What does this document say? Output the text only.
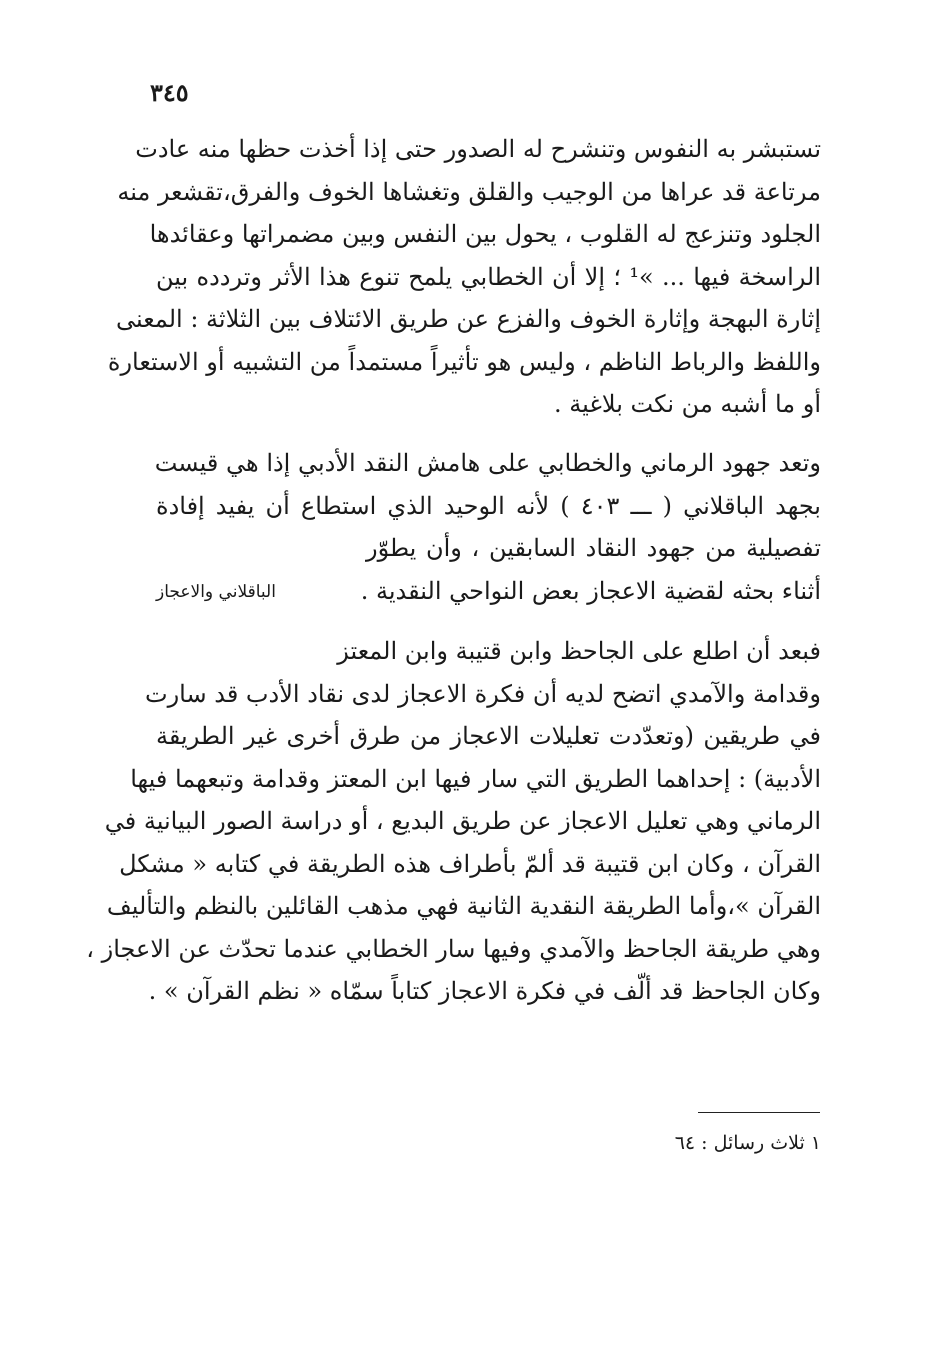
٣٤٥
تستبشر به النفوس وتنشرح له الصدور حتى إذا أخذت حظها منه عادت
مرتاعة قد عراها من الوجيب والقلق وتغشاها الخوف والفرق،تقشعر منه
الجلود وتنزعج له القلوب ، يحول بين النفس وبين مضمراتها وعقائدها
الراسخة فيها ... »¹ ؛ إلا أن الخطابي يلمح تنوع هذا الأثر وتردده بين
إثارة البهجة وإثارة الخوف والفزع عن طريق الائتلاف بين الثلاثة : المعنى
واللفظ والرباط الناظم ، وليس هو تأثيراً مستمداً من التشبيه أو الاستعارة
أو ما أشبه من نكت بلاغية .
وتعد جهود الرماني والخطابي على هامش النقد الأدبي إذا هي قيست
بجهد الباقلاني ( ـــ ٤٠٣ ) لأنه الوحيد الذي استطاع أن يفيد إفادة
تفصيلية من جهود النقاد السابقين ، وأن يطوّر
أثناء بحثه لقضية الاعجاز بعض النواحي النقدية .
الباقلاني والاعجاز
فبعد أن اطلع على الجاحظ وابن قتيبة وابن المعتز
وقدامة والآمدي اتضح لديه أن فكرة الاعجاز لدى نقاد الأدب قد سارت
في طريقين (وتعدّدت تعليلات الاعجاز من طرق أخرى غير الطريقة
الأدبية) : إحداهما الطريق التي سار فيها ابن المعتز وقدامة وتبعهما فيها
الرماني وهي تعليل الاعجاز عن طريق البديع ، أو دراسة الصور البيانية في
القرآن ، وكان ابن قتيبة قد ألمّ بأطراف هذه الطريقة في كتابه « مشكل
القرآن »،وأما الطريقة النقدية الثانية فهي مذهب القائلين بالنظم والتأليف
وهي طريقة الجاحظ والآمدي وفيها سار الخطابي عندما تحدّث عن الاعجاز ،
وكان الجاحظ قد ألّف في فكرة الاعجاز كتاباً سمّاه « نظم القرآن » .
١ ثلاث رسائل : ٦٤
